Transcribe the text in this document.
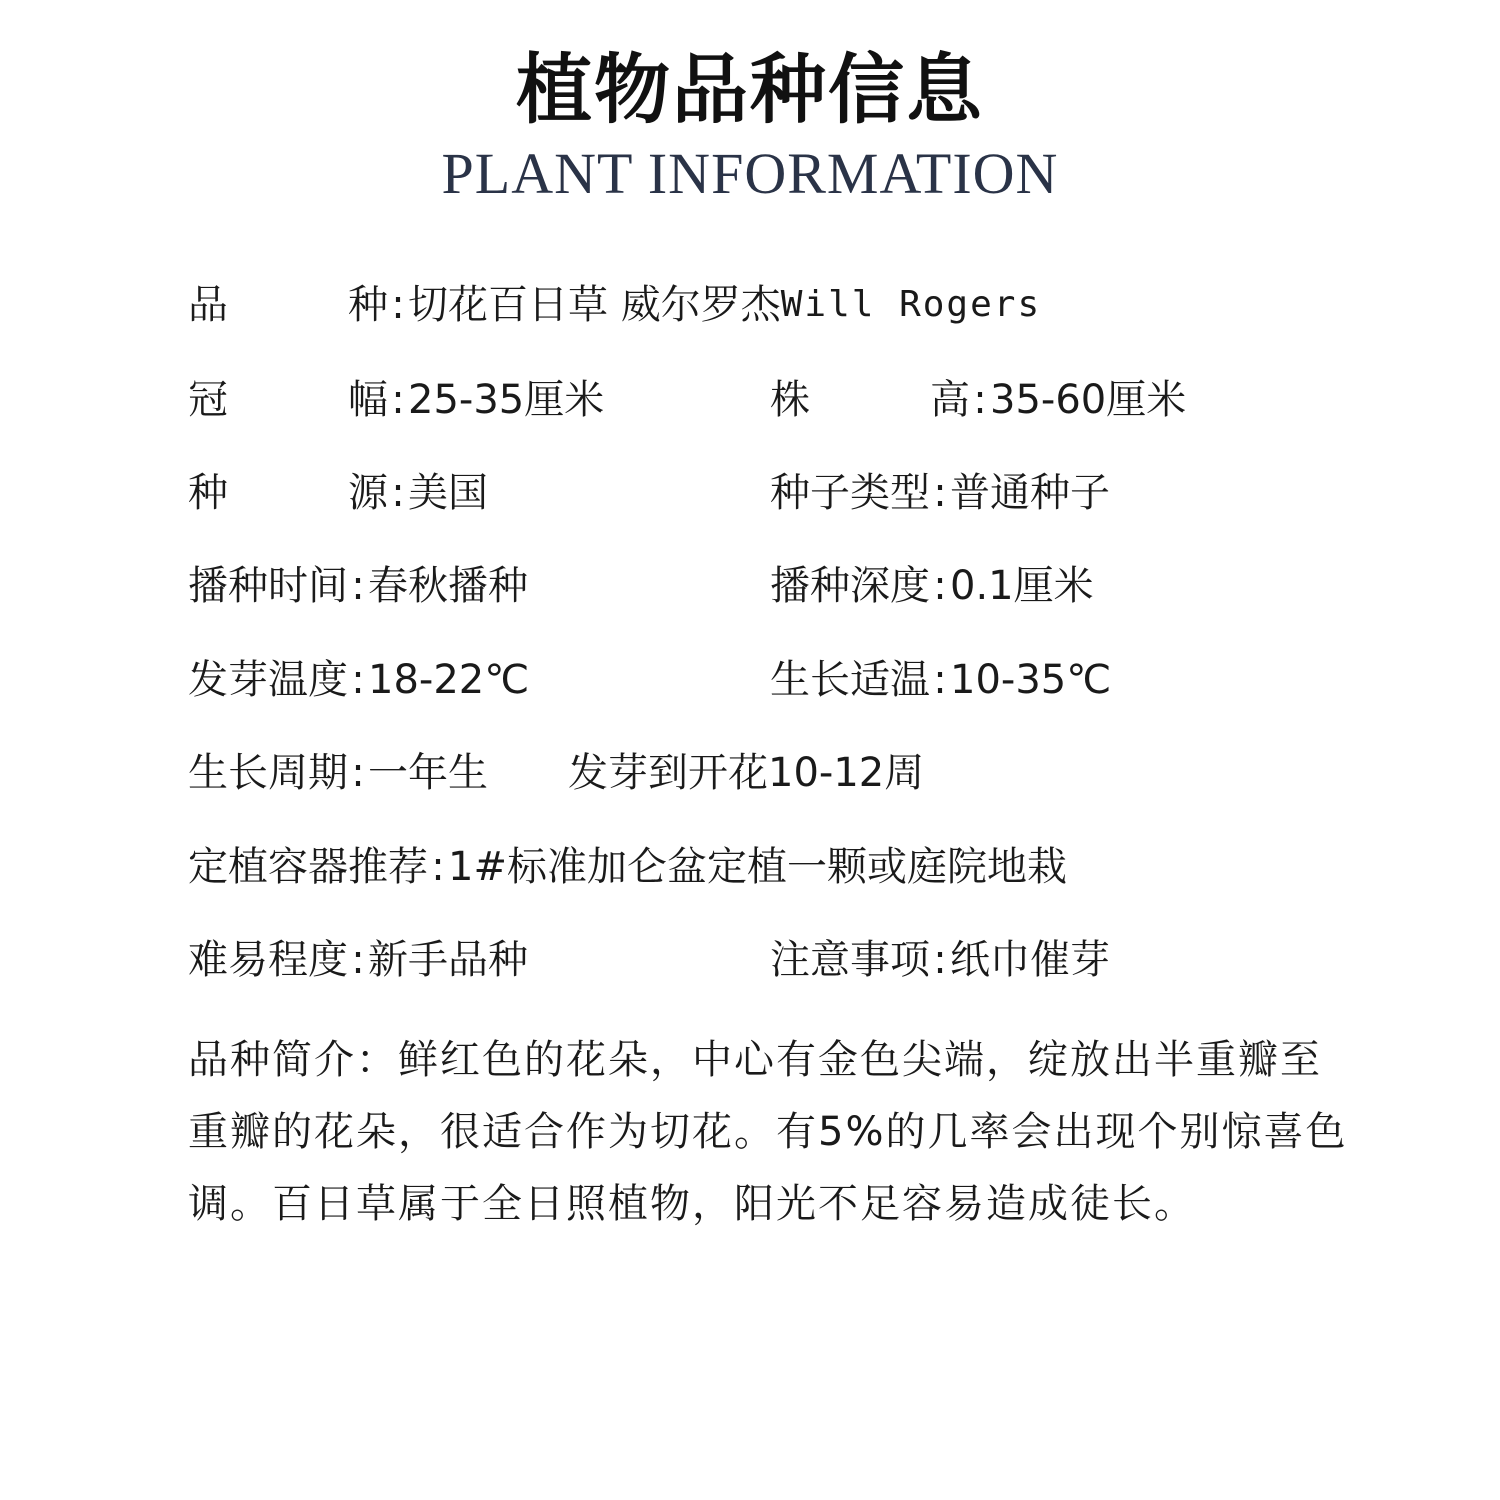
植物品种信息
PLANT INFORMATION
品	种 :切花百日草 威尔罗杰Will Rogers
冠	幅 :25-35厘米	株	高 :35-60厘米
种	源 :美国	种子类型:普通种子
播种时间:春秋播种	播种深度:0.1厘米
发芽温度:18-22℃	生长适温:10-35℃
生长周期:一年生　　发芽到开花10-12周
定植容器推荐:1#标准加仑盆定植一颗或庭院地栽
难易程度:新手品种	注意事项:纸巾催芽
品种简介：鲜红色的花朵，中心有金色尖端，绽放出半重瓣至重瓣的花朵，很适合作为切花。有5%的几率会出现个别惊喜色调。百日草属于全日照植物，阳光不足容易造成徒长。
